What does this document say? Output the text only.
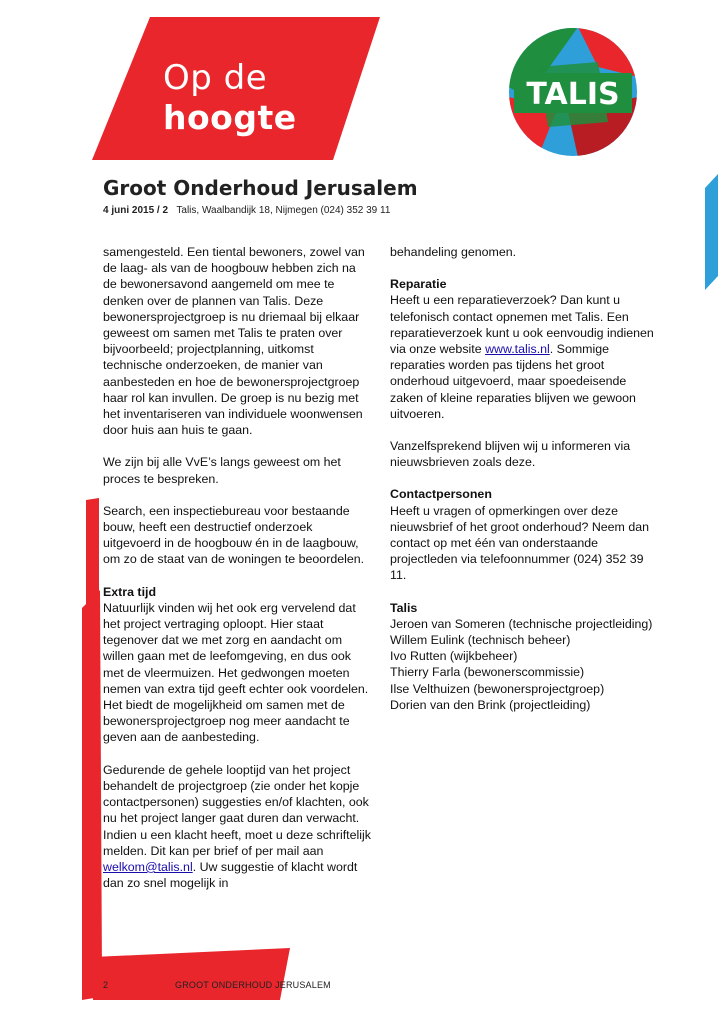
Op de
hoogte
TALIS
Groot Onderhoud Jerusalem
4 juni 2015 / 2 Talis, Waalbandijk 18, Nijmegen (024) 352 39 11

samengesteld. Een tiental bewoners, zowel van de laag- als van de hoogbouw hebben zich na de bewonersavond aangemeld om mee te denken over de plannen van Talis. Deze bewonersprojectgroep is nu driemaal bij elkaar geweest om samen met Talis te praten over bijvoorbeeld; projectplanning, uitkomst technische onderzoeken, de manier van aanbesteden en hoe de bewonersprojectgroep haar rol kan invullen. De groep is nu bezig met het inventariseren van individuele woonwensen door huis aan huis te gaan.

We zijn bij alle VvE’s langs geweest om het proces te bespreken.

Search, een inspectiebureau voor bestaande bouw, heeft een destructief onderzoek uitgevoerd in de hoogbouw én in de laagbouw, om zo de staat van de woningen te beoordelen.

Extra tijd

Natuurlijk vinden wij het ook erg vervelend dat het project vertraging oploopt. Hier staat tegenover dat we met zorg en aandacht om willen gaan met de leefomgeving, en dus ook met de vleermuizen. Het gedwongen moeten nemen van extra tijd geeft echter ook voordelen. Het biedt de mogelijkheid om samen met de bewonersprojectgroep nog meer aandacht te geven aan de aanbesteding.

Gedurende de gehele looptijd van het project behandelt de projectgroep (zie onder het kopje contactpersonen) suggesties en/of klachten, ook nu het project langer gaat duren dan verwacht. Indien u een klacht heeft, moet u deze schriftelijk melden. Dit kan per brief of per mail aan welkom@talis.nl. Uw suggestie of klacht wordt dan zo snel mogelijk in

behandeling genomen.

Reparatie

Heeft u een reparatieverzoek? Dan kunt u telefonisch contact opnemen met Talis. Een reparatieverzoek kunt u ook eenvoudig indienen via onze website www.talis.nl. Sommige reparaties worden pas tijdens het groot onderhoud uitgevoerd, maar spoedeisende zaken of kleine reparaties blijven we gewoon uitvoeren.

Vanzelfsprekend blijven wij u informeren via nieuwsbrieven zoals deze.

Contactpersonen

Heeft u vragen of opmerkingen over deze nieuwsbrief of het groot onderhoud? Neem dan contact op met één van onderstaande projectleden via telefoonnummer (024) 352 39 11.

Talis
Jeroen van Someren (technische projectleiding)
Willem Eulink (technisch beheer)
Ivo Rutten (wijkbeheer)
Thierry Farla (bewonerscommissie)
Ilse Velthuizen (bewonersprojectgroep)
Dorien van den Brink (projectleiding)
2	GROOT ONDERHOUD JERUSALEM
